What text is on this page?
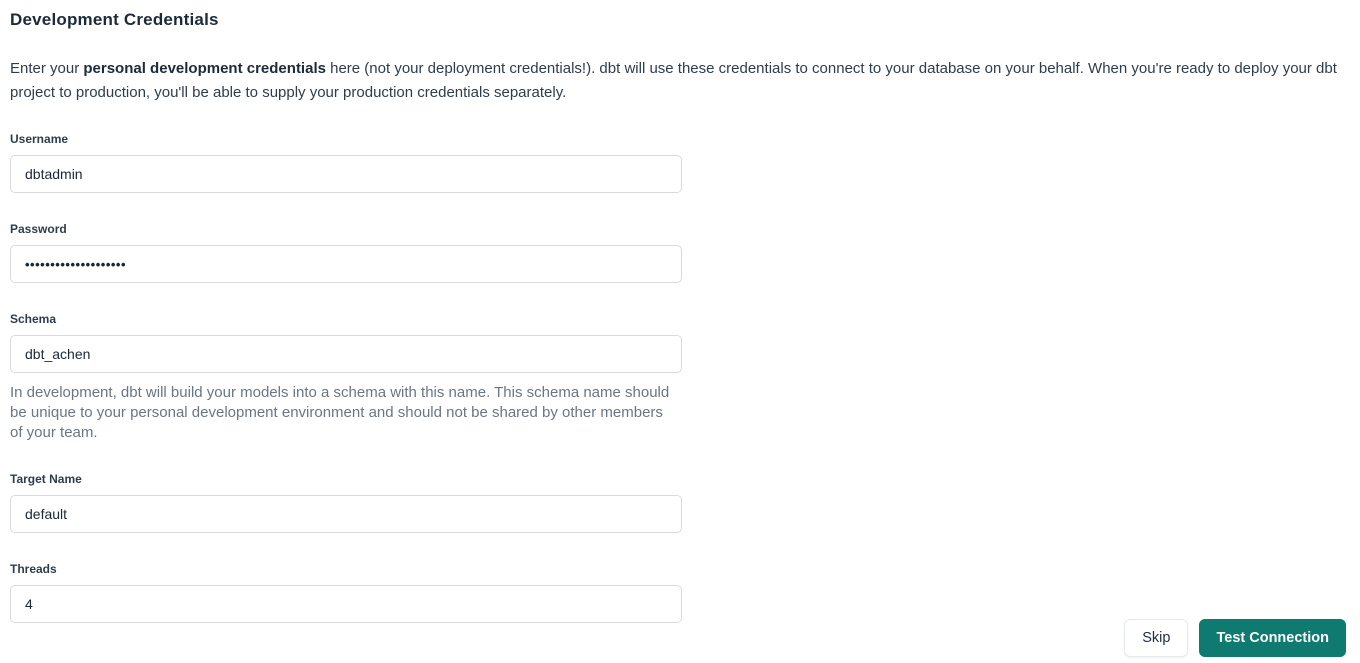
Development Credentials

Enter your personal development credentials here (not your deployment credentials!). dbt will use these credentials to connect to your database on your behalf. When you're ready to deploy your dbt project to production, you'll be able to supply your production credentials separately.

Username
dbtadmin
Password
••••••••••••••••••••
Schema
dbt_achen

In development, dbt will build your models into a schema with this name. This schema name should be unique to your personal development environment and should not be shared by other members of your team.

Target Name
default
Threads
4
Skip	Test Connection
